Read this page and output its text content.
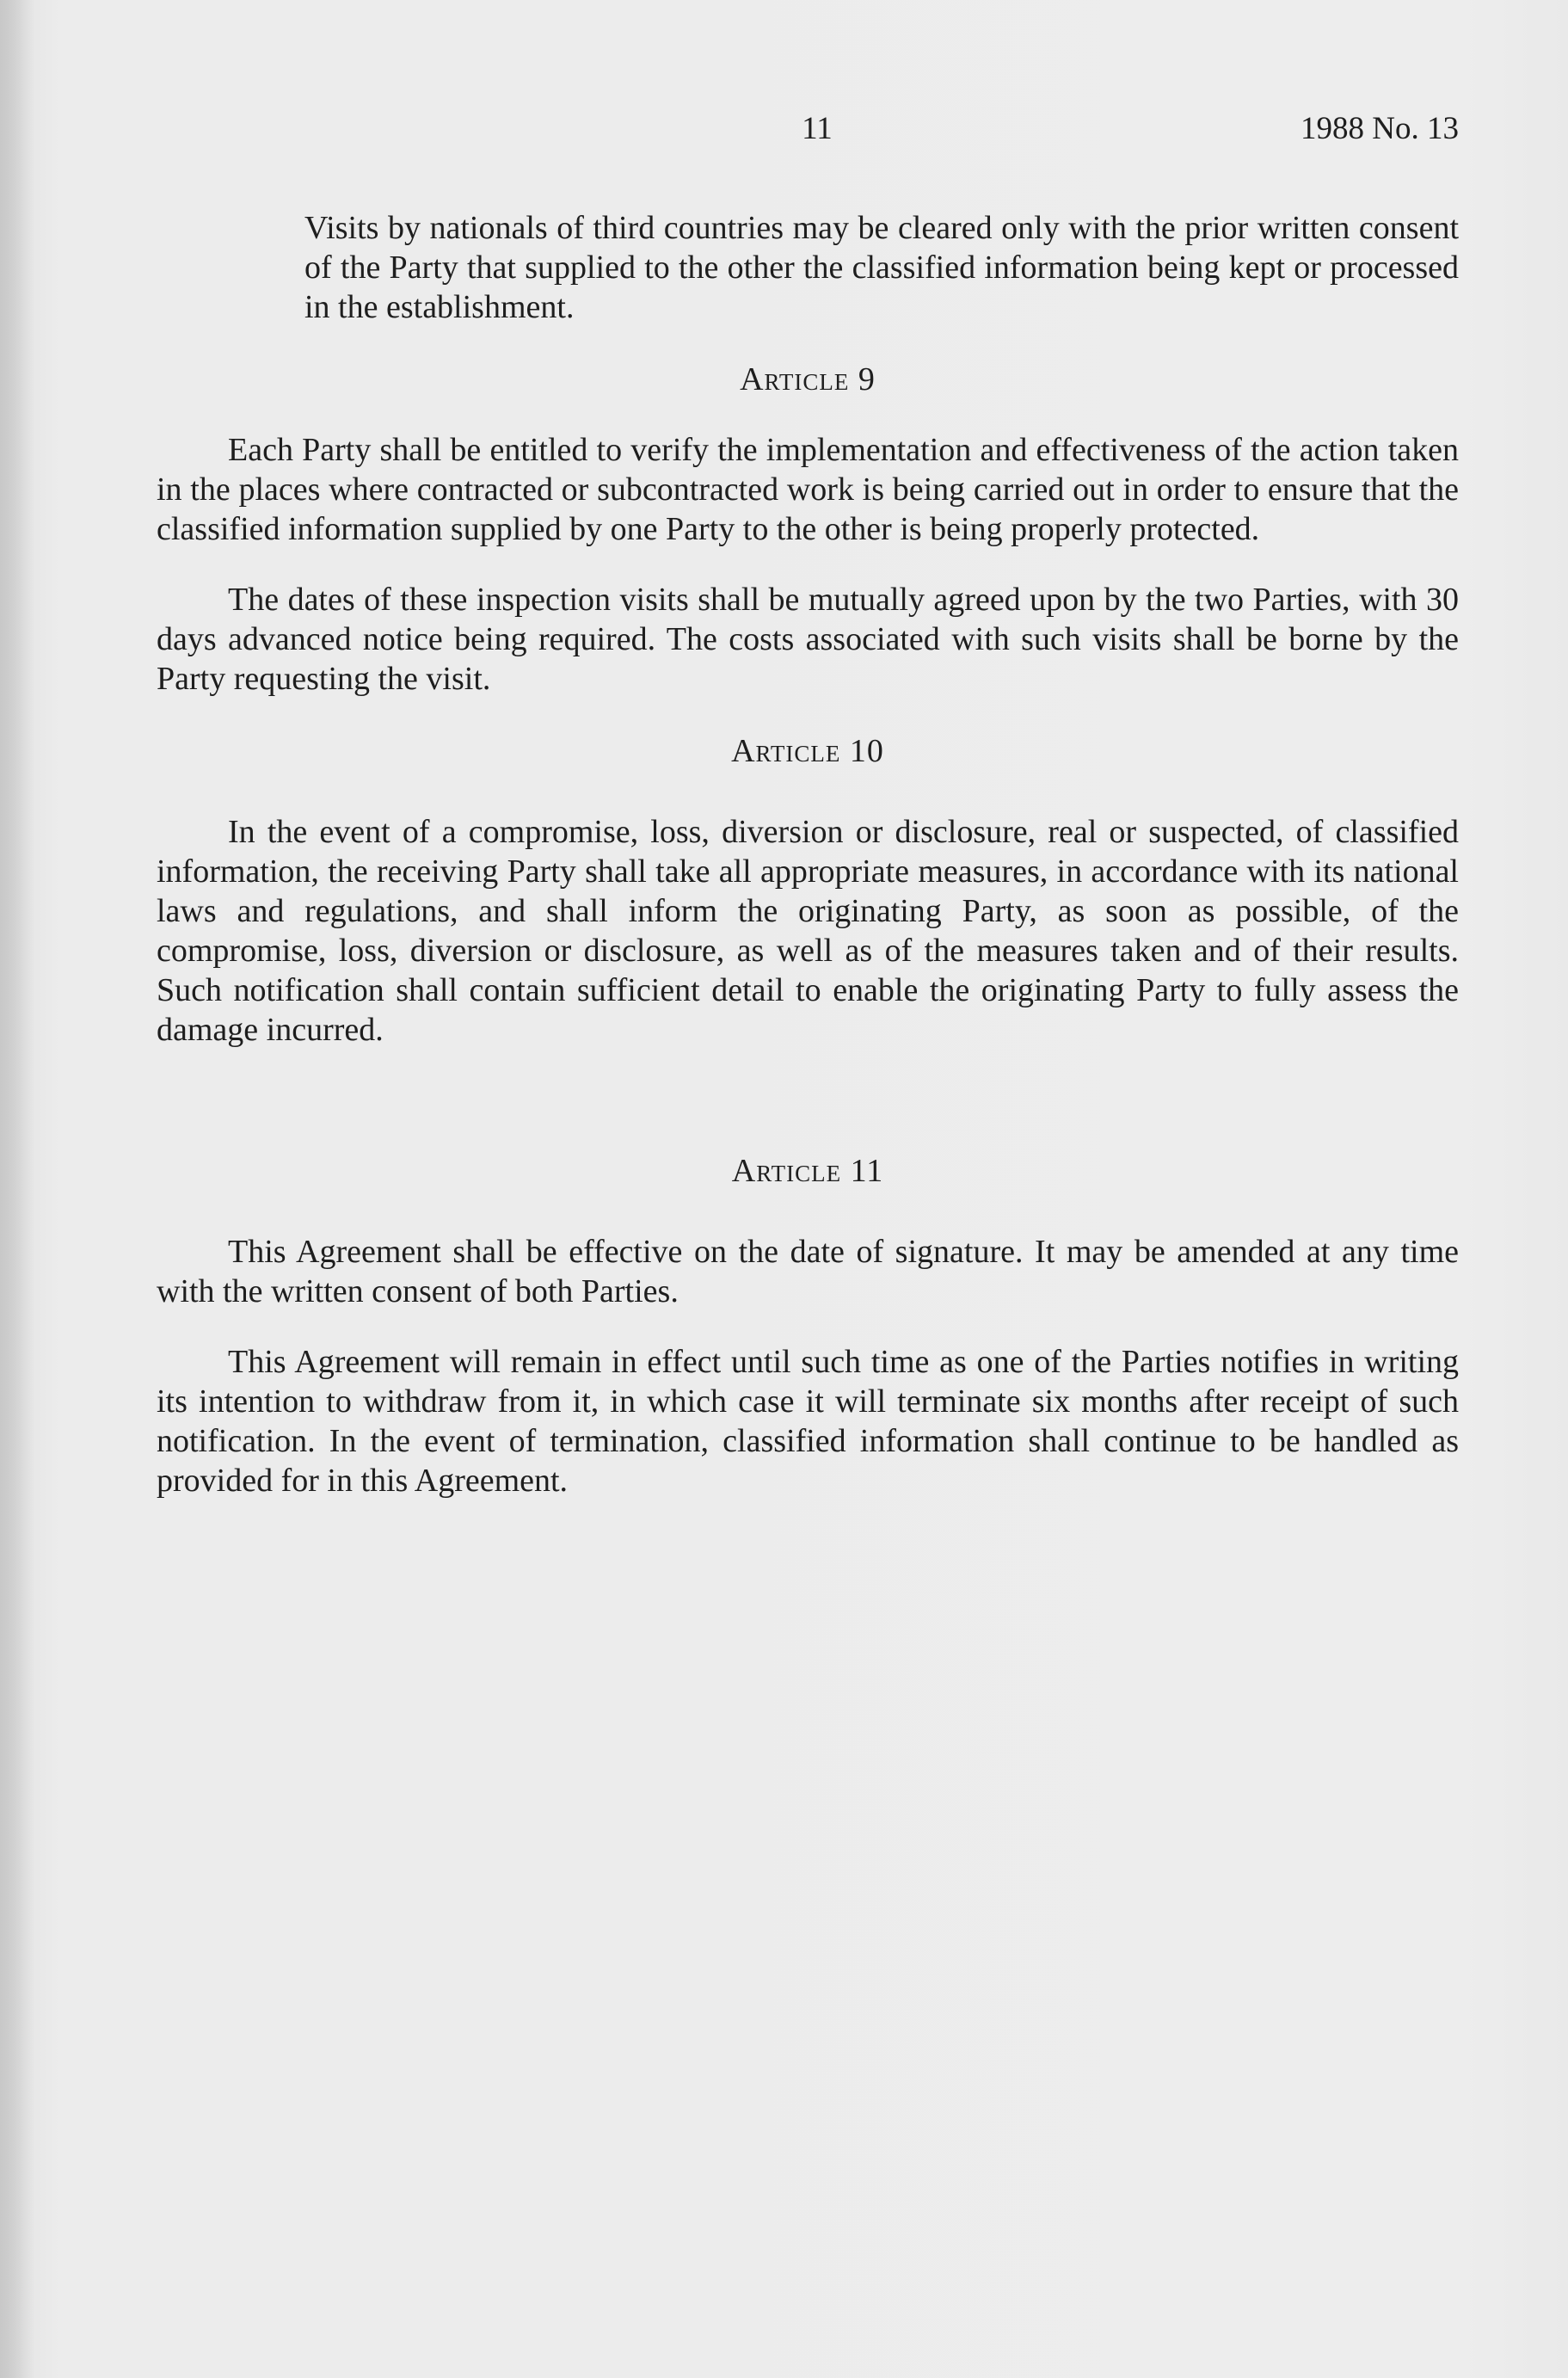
11	1988 No. 13

Visits by nationals of third countries may be cleared only with the prior written consent of the Party that supplied to the other the classified information being kept or processed in the establishment.

Article 9

Each Party shall be entitled to verify the implementation and effectiveness of the action taken in the places where contracted or subcontracted work is being carried out in order to ensure that the classified information supplied by one Party to the other is being properly protected.

The dates of these inspection visits shall be mutually agreed upon by the two Parties, with 30 days advanced notice being required. The costs associated with such visits shall be borne by the Party requesting the visit.

Article 10

In the event of a compromise, loss, diversion or disclosure, real or suspected, of classified information, the receiving Party shall take all appropriate measures, in accordance with its national laws and regulations, and shall inform the originating Party, as soon as possible, of the compromise, loss, diversion or disclosure, as well as of the measures taken and of their results. Such notification shall contain sufficient detail to enable the originating Party to fully assess the damage incurred.

Article 11

This Agreement shall be effective on the date of signature. It may be amended at any time with the written consent of both Parties.

This Agreement will remain in effect until such time as one of the Parties notifies in writing its intention to withdraw from it, in which case it will terminate six months after receipt of such notification. In the event of termination, classified information shall continue to be handled as provided for in this Agreement.
